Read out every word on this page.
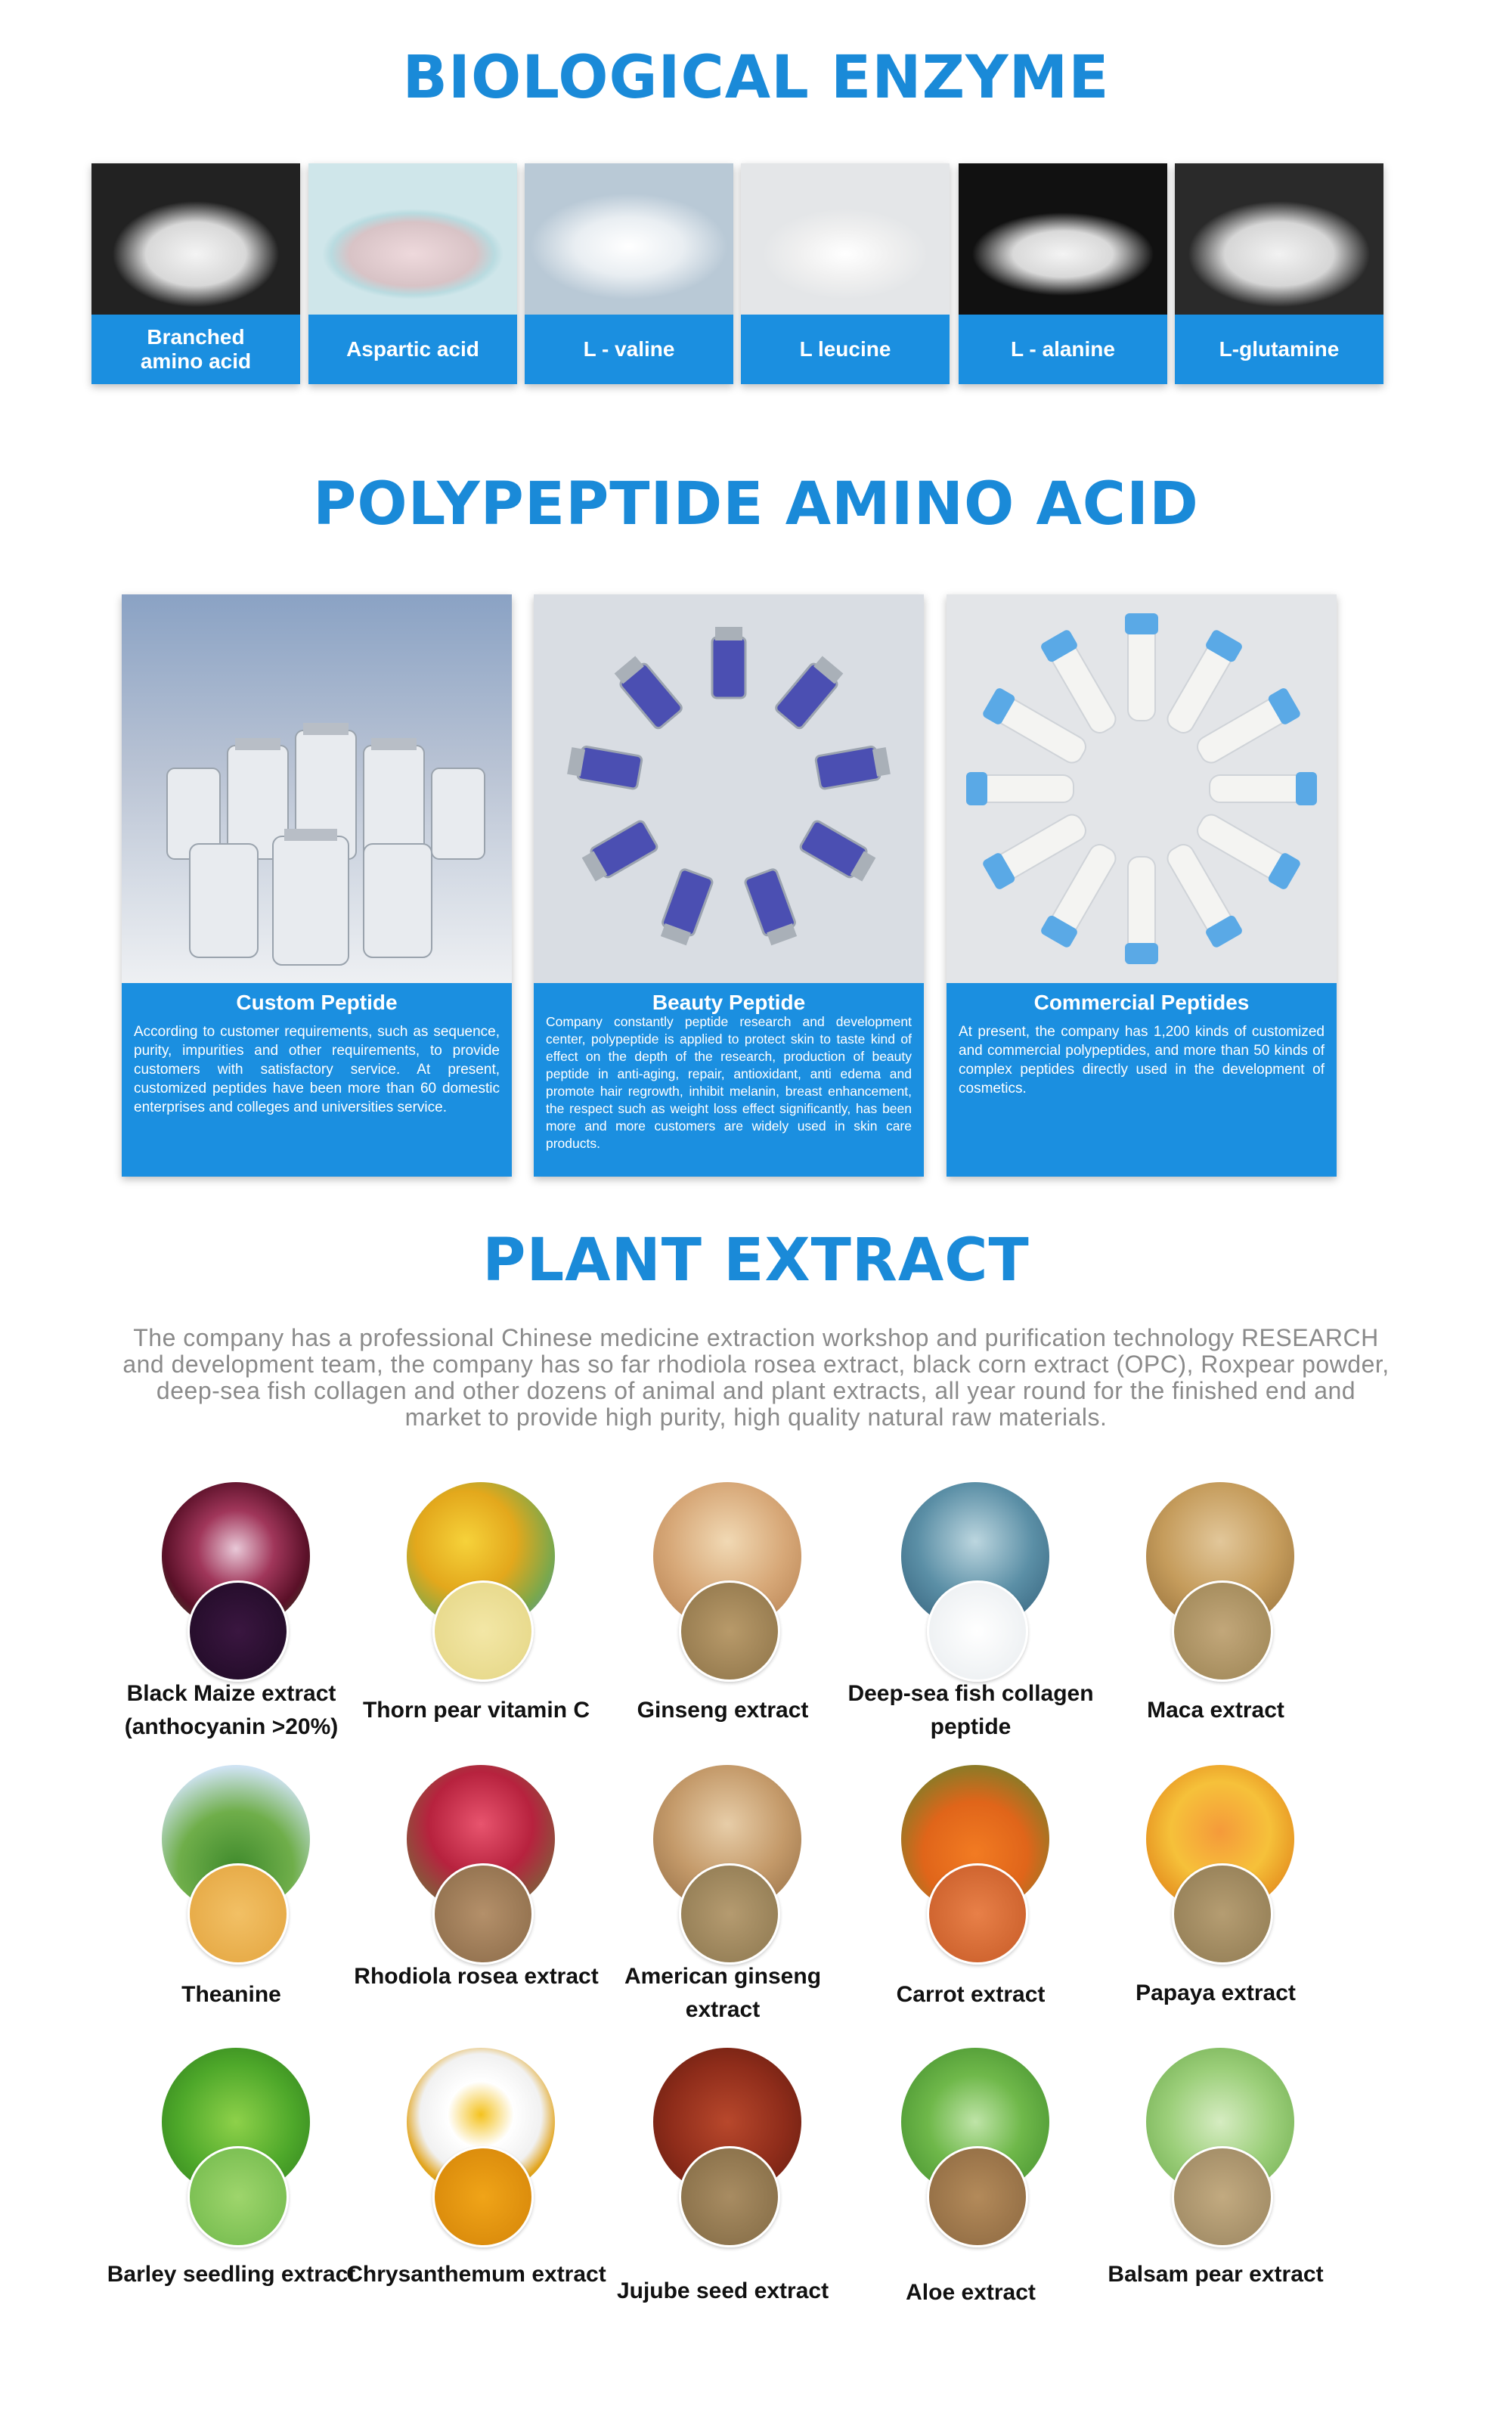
BIOLOGICAL ENZYME
Branched amino acid
Aspartic acid	L - valine	L leucine	L - alanine	L-glutamine
POLYPEPTIDE AMINO ACID
Custom Peptide
According to customer requirements, such as sequence, purity, impurities and other requirements, to provide customers with satisfactory service. At present, customized peptides have been more than 60 domestic enterprises and colleges and universities service.
Beauty Peptide
Company constantly peptide research and development center, polypeptide is applied to protect skin to taste kind of effect on the depth of the research, production of beauty peptide in anti-aging, repair, antioxidant, anti edema and promote hair regrowth, inhibit melanin, breast enhancement, the respect such as weight loss effect significantly, has been more and more customers are widely used in skin care products.
Commercial Peptides
At present, the company has 1,200 kinds of customized and commercial polypeptides, and more than 50 kinds of complex peptides directly used in the development of cosmetics.
PLANT EXTRACT
The company has a professional Chinese medicine extraction workshop and purification technology RESEARCH and development team, the company has so far rhodiola rosea extract, black corn extract (OPC), Roxpear powder, deep-sea fish collagen and other dozens of animal and plant extracts, all year round for the finished end and market to provide high purity, high quality natural raw materials.
Black Maize extract (anthocyanin >20%)
Thorn pear vitamin C	Ginseng extract
Deep-sea fish collagen peptide
Maca extract
Theanine
Rhodiola rosea extract	American ginseng extract
Carrot extract	Papaya extract
Barley seedling extract
Chrysanthemum extract
Jujube seed extract	Aloe extract
Balsam pear extract
